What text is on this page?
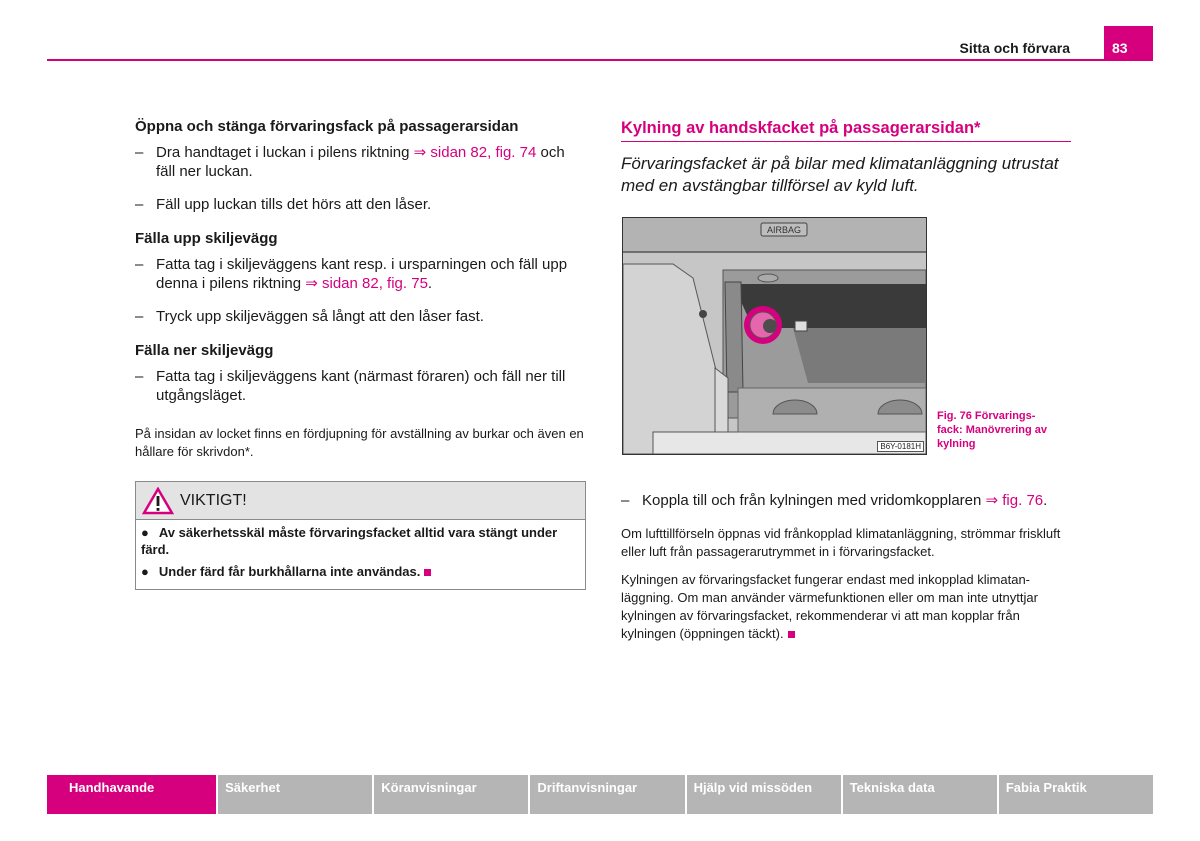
Sitta och förvara	83
Öppna och stänga förvaringsfack på passagerarsidan
– Dra handtaget i luckan i pilens riktning ⇒ sidan 82, fig. 74 och fäll ner luckan.
– Fäll upp luckan tills det hörs att den låser.
Fälla upp skiljevägg
– Fatta tag i skiljeväggens kant resp. i ursparningen och fäll upp denna i pilens riktning ⇒ sidan 82, fig. 75.
– Tryck upp skiljeväggen så långt att den låser fast.
Fälla ner skiljevägg
– Fatta tag i skiljeväggens kant (närmast föraren) och fäll ner till utgångsläget.
På insidan av locket finns en fördjupning för avställning av burkar och även en hållare för skrivdon*.
VIKTIGT!
● Av säkerhetsskäl måste förvaringsfacket alltid vara stängt under färd.
● Under färd får burkhållarna inte användas.
Kylning av handskfacket på passagerarsidan*
Förvaringsfacket är på bilar med klimatanläggning utrustat med en avstängbar tillförsel av kyld luft.
AIRBAG
B6Y-0181H
Fig. 76 Förvarings-
fack: Manövrering av kylning
– Koppla till och från kylningen med vridomkopplaren ⇒ fig. 76.
Om lufttillförseln öppnas vid frånkopplad klimatanläggning, strömmar friskluft eller luft från passagerarutrymmet in i förvaringsfacket.
Kylningen av förvaringsfacket fungerar endast med inkopplad klimatan-läggning. Om man använder värmefunktionen eller om man inte utnyttjar kylningen av förvaringsfacket, rekommenderar vi att man kopplar från kylningen (öppningen täckt).
Handhavande	Säkerhet	Köranvisningar	Driftanvisningar	Hjälp vid missöden	Tekniska data	Fabia Praktik
